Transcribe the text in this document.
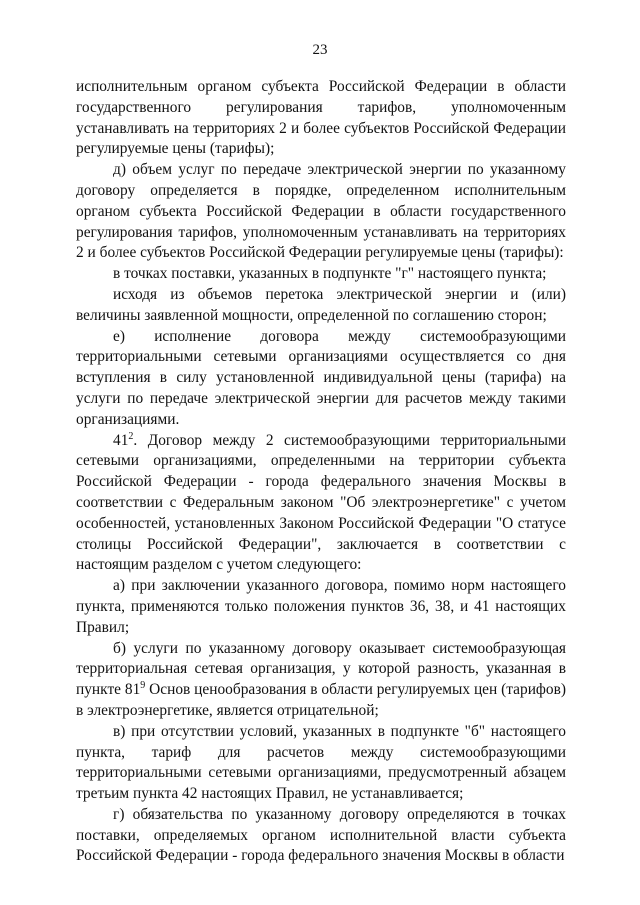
23

исполнительным органом субъекта Российской Федерации в области государственного регулирования тарифов, уполномоченным устанавливать на территориях 2 и более субъектов Российской Федерации регулируемые цены (тарифы);

д) объем услуг по передаче электрической энергии по указанному договору определяется в порядке, определенном исполнительным органом субъекта Российской Федерации в области государственного регулирования тарифов, уполномоченным устанавливать на территориях 2 и более субъектов Российской Федерации регулируемые цены (тарифы):

в точках поставки, указанных в подпункте "г" настоящего пункта;

исходя из объемов перетока электрической энергии и (или) величины заявленной мощности, определенной по соглашению сторон;

е) исполнение договора между системообразующими территориальными сетевыми организациями осуществляется со дня вступления в силу установленной индивидуальной цены (тарифа) на услуги по передаче электрической энергии для расчетов между такими организациями.

$41^2$. Договор между 2 системообразующими территориальными сетевыми организациями, определенными на территории субъекта Российской Федерации - города федерального значения Москвы в соответствии с Федеральным законом "Об электроэнергетике" с учетом особенностей, установленных Законом Российской Федерации "О статусе столицы Российской Федерации", заключается в соответствии с настоящим разделом с учетом следующего:

а) при заключении указанного договора, помимо норм настоящего пункта, применяются только положения пунктов 36, 38, и 41 настоящих Правил;

б) услуги по указанному договору оказывает системообразующая территориальная сетевая организация, у которой разность, указанная в пункте $81^9$ Основ ценообразования в области регулируемых цен (тарифов) в электроэнергетике, является отрицательной;

в) при отсутствии условий, указанных в подпункте "б" настоящего пункта, тариф для расчетов между системообразующими территориальными сетевыми организациями, предусмотренный абзацем третьим пункта 42 настоящих Правил, не устанавливается;

г) обязательства по указанному договору определяются в точках поставки, определяемых органом исполнительной власти субъекта Российской Федерации - города федерального значения Москвы в области
